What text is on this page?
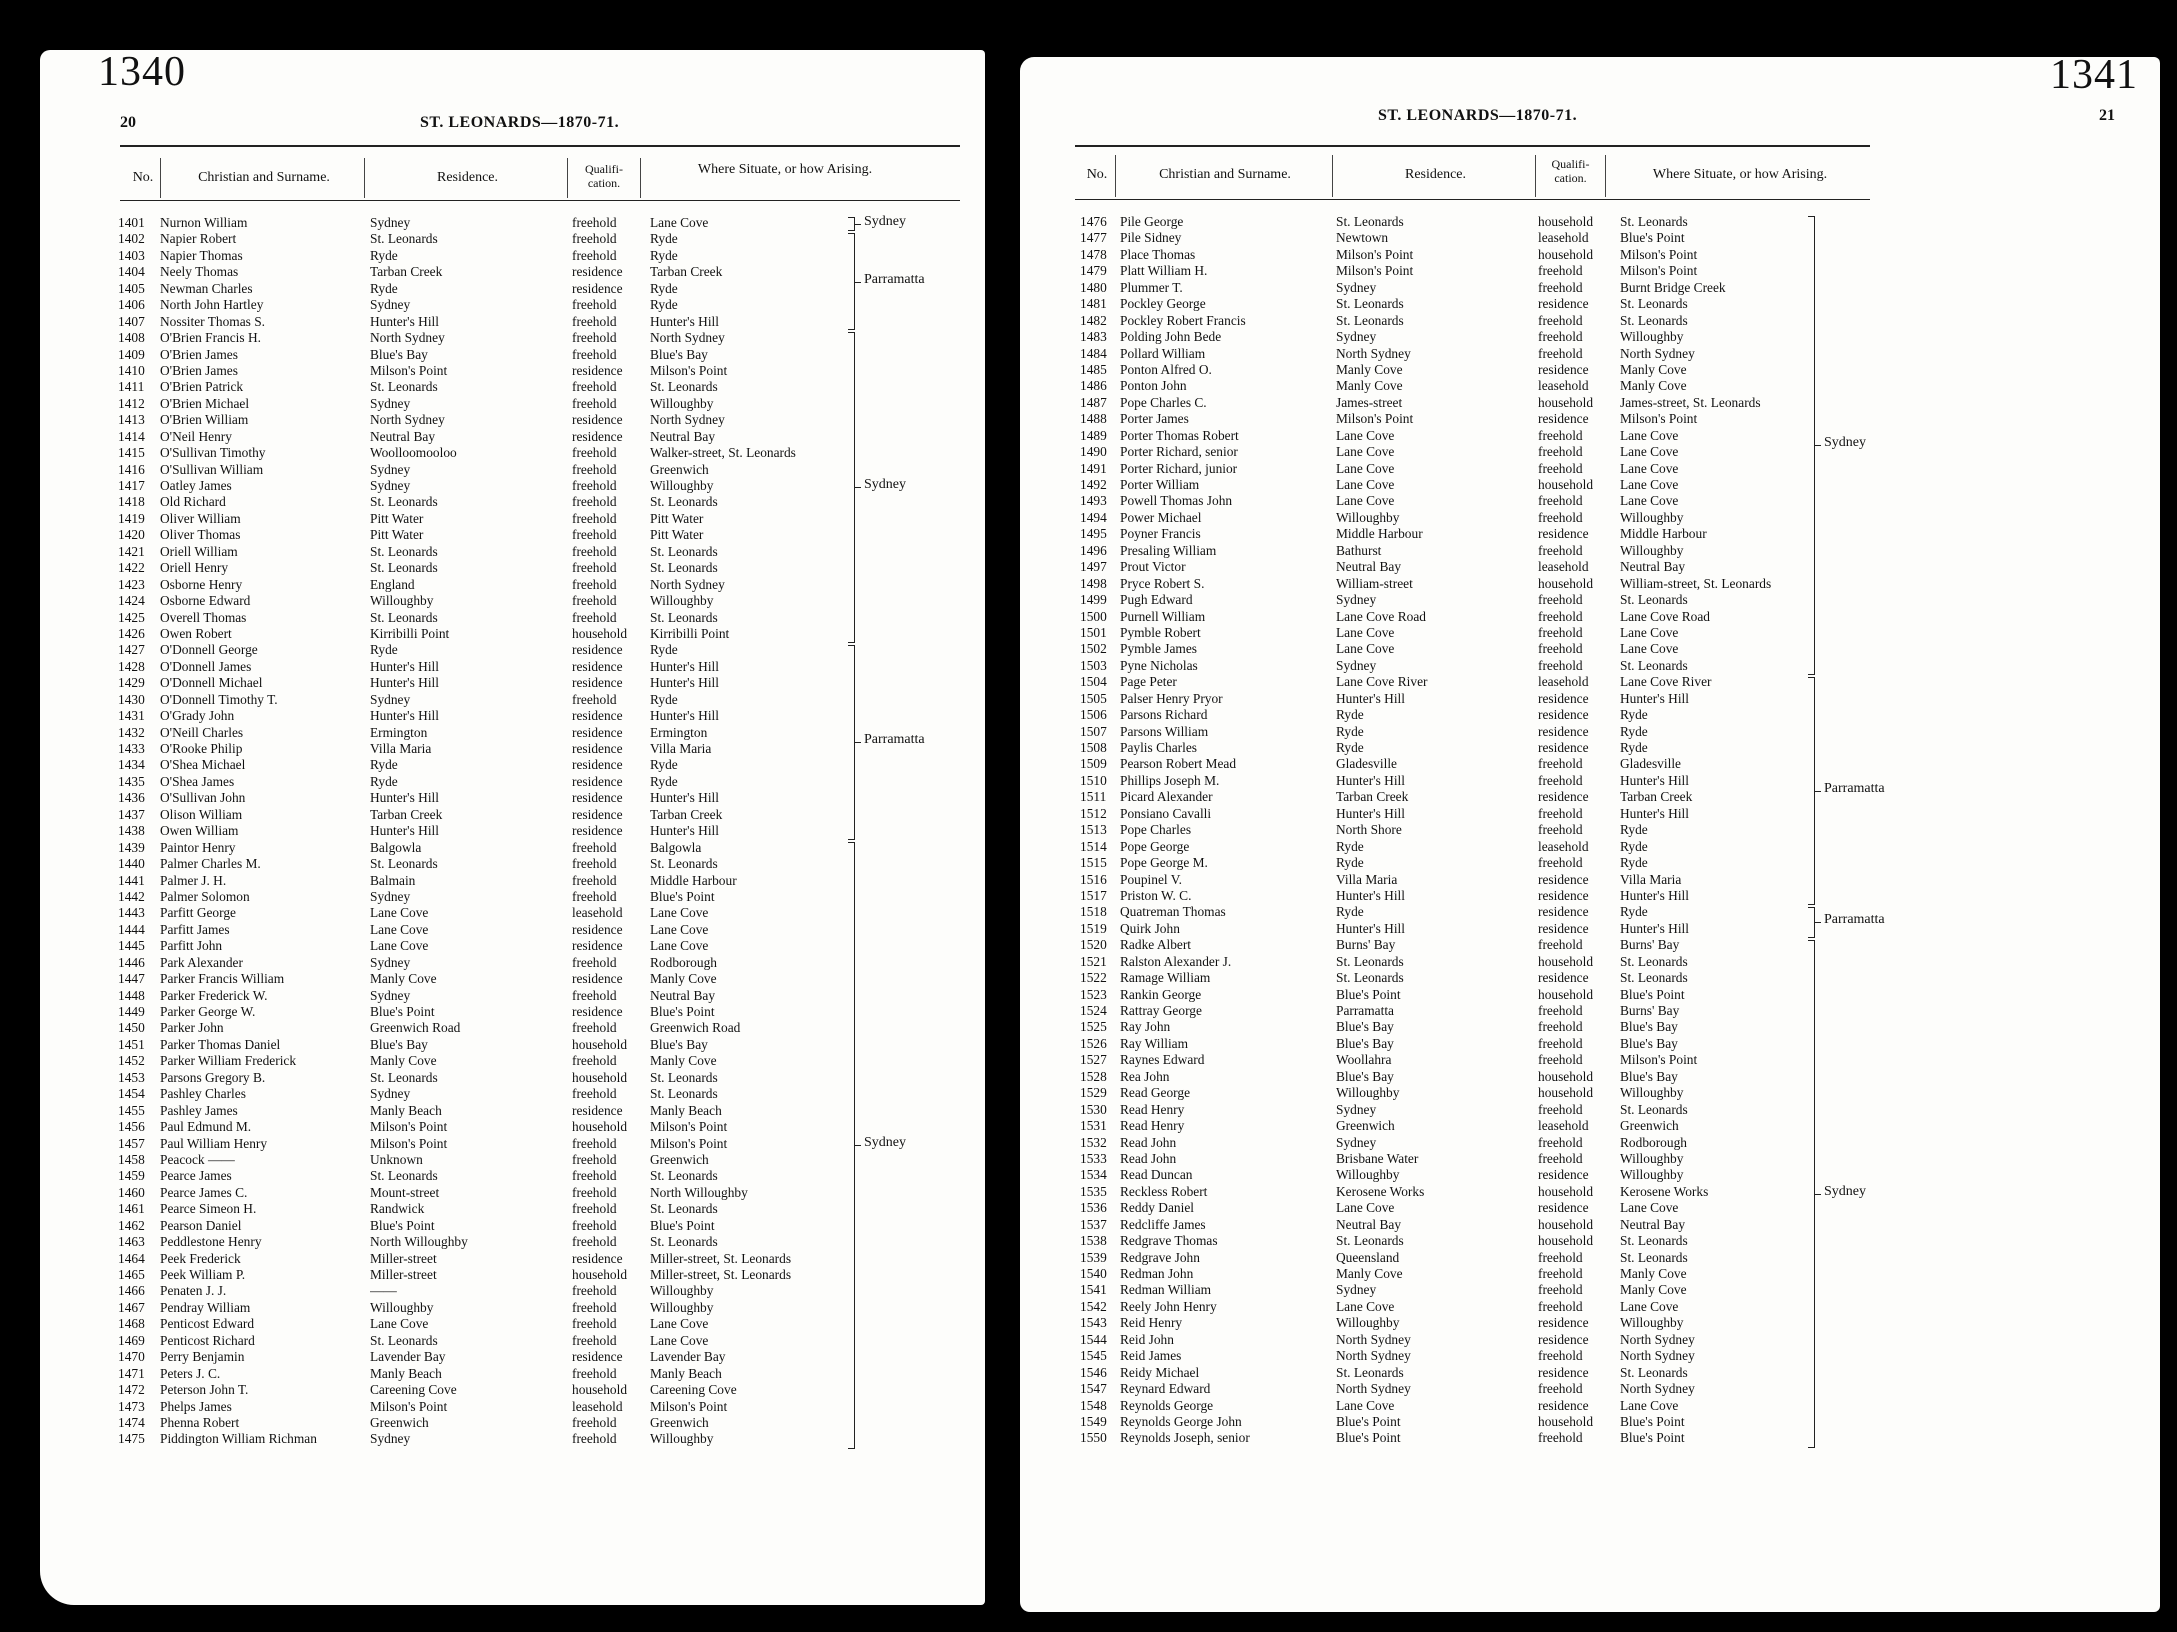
1340
20	ST. LEONARDS—1870-71.
No.	Christian and Surname.	Residence.
Qualifi-
cation.
Where Situate, or how Arising.
1401	Nurnon William	Sydney	freehold	Lane Cove
1402	Napier Robert	St. Leonards	freehold	Ryde
1403	Napier Thomas	Ryde	freehold	Ryde
1404	Neely Thomas	Tarban Creek	residence	Tarban Creek
1405	Newman Charles	Ryde	residence	Ryde
1406	North John Hartley	Sydney	freehold	Ryde
1407	Nossiter Thomas S.	Hunter's Hill	freehold	Hunter's Hill
1408	O'Brien Francis H.	North Sydney	freehold	North Sydney
1409	O'Brien James	Blue's Bay	freehold	Blue's Bay
1410	O'Brien James	Milson's Point	residence	Milson's Point
1411	O'Brien Patrick	St. Leonards	freehold	St. Leonards
1412	O'Brien Michael	Sydney	freehold	Willoughby
1413	O'Brien William	North Sydney	residence	North Sydney
1414	O'Neil Henry	Neutral Bay	residence	Neutral Bay
1415	O'Sullivan Timothy	Woolloomooloo	freehold	Walker-street, St. Leonards
1416	O'Sullivan William	Sydney	freehold	Greenwich
1417	Oatley James	Sydney	freehold	Willoughby
1418	Old Richard	St. Leonards	freehold	St. Leonards
1419	Oliver William	Pitt Water	freehold	Pitt Water
1420	Oliver Thomas	Pitt Water	freehold	Pitt Water
1421	Oriell William	St. Leonards	freehold	St. Leonards
1422	Oriell Henry	St. Leonards	freehold	St. Leonards
1423	Osborne Henry	England	freehold	North Sydney
1424	Osborne Edward	Willoughby	freehold	Willoughby
1425	Overell Thomas	St. Leonards	freehold	St. Leonards
1426	Owen Robert	Kirribilli Point	household	Kirribilli Point
1427	O'Donnell George	Ryde	residence	Ryde
1428	O'Donnell James	Hunter's Hill	residence	Hunter's Hill
1429	O'Donnell Michael	Hunter's Hill	residence	Hunter's Hill
1430	O'Donnell Timothy T.	Sydney	freehold	Ryde
1431	O'Grady John	Hunter's Hill	residence	Hunter's Hill
1432	O'Neill Charles	Ermington	residence	Ermington
1433	O'Rooke Philip	Villa Maria	residence	Villa Maria
1434	O'Shea Michael	Ryde	residence	Ryde
1435	O'Shea James	Ryde	residence	Ryde
1436	O'Sullivan John	Hunter's Hill	residence	Hunter's Hill
1437	Olison William	Tarban Creek	residence	Tarban Creek
1438	Owen William	Hunter's Hill	residence	Hunter's Hill
1439	Paintor Henry	Balgowla	freehold	Balgowla
1440	Palmer Charles M.	St. Leonards	freehold	St. Leonards
1441	Palmer J. H.	Balmain	freehold	Middle Harbour
1442	Palmer Solomon	Sydney	freehold	Blue's Point
1443	Parfitt George	Lane Cove	leasehold	Lane Cove
1444	Parfitt James	Lane Cove	residence	Lane Cove
1445	Parfitt John	Lane Cove	residence	Lane Cove
1446	Park Alexander	Sydney	freehold	Rodborough
1447	Parker Francis William	Manly Cove	residence	Manly Cove
1448	Parker Frederick W.	Sydney	freehold	Neutral Bay
1449	Parker George W.	Blue's Point	residence	Blue's Point
1450	Parker John	Greenwich Road	freehold	Greenwich Road
1451	Parker Thomas Daniel	Blue's Bay	household	Blue's Bay
1452	Parker William Frederick	Manly Cove	freehold	Manly Cove
1453	Parsons Gregory B.	St. Leonards	household	St. Leonards
1454	Pashley Charles	Sydney	freehold	St. Leonards
1455	Pashley James	Manly Beach	residence	Manly Beach
1456	Paul Edmund M.	Milson's Point	household	Milson's Point
1457	Paul William Henry	Milson's Point	freehold	Milson's Point
1458	Peacock ——	Unknown	freehold	Greenwich
1459	Pearce James	St. Leonards	freehold	St. Leonards
1460	Pearce James C.	Mount-street	freehold	North Willoughby
1461	Pearce Simeon H.	Randwick	freehold	St. Leonards
1462	Pearson Daniel	Blue's Point	freehold	Blue's Point
1463	Peddlestone Henry	North Willoughby	freehold	St. Leonards
1464	Peek Frederick	Miller-street	residence	Miller-street, St. Leonards
1465	Peek William P.	Miller-street	household	Miller-street, St. Leonards
1466	Penaten J. J.	——	freehold	Willoughby
1467	Pendray William	Willoughby	freehold	Willoughby
1468	Penticost Edward	Lane Cove	freehold	Lane Cove
1469	Penticost Richard	St. Leonards	freehold	Lane Cove
1470	Perry Benjamin	Lavender Bay	residence	Lavender Bay
1471	Peters J. C.	Manly Beach	freehold	Manly Beach
1472	Peterson John T.	Careening Cove	household	Careening Cove
1473	Phelps James	Milson's Point	leasehold	Milson's Point
1474	Phenna Robert	Greenwich	freehold	Greenwich
1475	Piddington William Richman	Sydney	freehold	Willoughby
Sydney
Parramatta
Sydney
Parramatta
Sydney
1341
21
ST. LEONARDS—1870-71.
No.	Christian and Surname.	Residence.
Qualifi-
cation.	Where Situate, or how Arising.
1476 Pile George	St. Leonards	household	St. Leonards
1477 Pile Sidney	Newtown	leasehold	Blue's Point
1478 Place Thomas	Milson's Point	household	Milson's Point
1479 Platt William H.	Milson's Point	freehold	Milson's Point
1480 Plummer T.	Sydney	freehold	Burnt Bridge Creek
1481 Pockley George	St. Leonards	residence	St. Leonards
1482 Pockley Robert Francis	St. Leonards	freehold	St. Leonards
1483 Polding John Bede	Sydney	freehold	Willoughby
1484 Pollard William	North Sydney	freehold	North Sydney
1485 Ponton Alfred O.	Manly Cove	residence	Manly Cove
1486 Ponton John	Manly Cove	leasehold	Manly Cove
1487 Pope Charles C.	James-street	household	James-street, St. Leonards
1488 Porter James	Milson's Point	residence	Milson's Point
1489 Porter Thomas Robert	Lane Cove	freehold	Lane Cove
1490 Porter Richard, senior	Lane Cove	freehold	Lane Cove
1491 Porter Richard, junior	Lane Cove	freehold	Lane Cove
1492 Porter William	Lane Cove	household	Lane Cove
1493 Powell Thomas John	Lane Cove	freehold	Lane Cove
1494 Power Michael	Willoughby	freehold	Willoughby
1495 Poyner Francis	Middle Harbour	residence	Middle Harbour
1496 Presaling William	Bathurst	freehold	Willoughby
1497 Prout Victor	Neutral Bay	leasehold	Neutral Bay
1498 Pryce Robert S.	William-street	household	William-street, St. Leonards
1499 Pugh Edward	Sydney	freehold	St. Leonards
1500 Purnell William	Lane Cove Road	freehold	Lane Cove Road
1501 Pymble Robert	Lane Cove	freehold	Lane Cove
1502 Pymble James	Lane Cove	freehold	Lane Cove
1503 Pyne Nicholas	Sydney	freehold	St. Leonards
1504 Page Peter	Lane Cove River	leasehold	Lane Cove River
1505 Palser Henry Pryor	Hunter's Hill	residence	Hunter's Hill
1506 Parsons Richard	Ryde	residence	Ryde
1507 Parsons William	Ryde	residence	Ryde
1508 Paylis Charles	Ryde	residence	Ryde
1509 Pearson Robert Mead	Gladesville	freehold	Gladesville
1510 Phillips Joseph M.	Hunter's Hill	freehold	Hunter's Hill
1511	Picard Alexander	Tarban Creek	residence	Tarban Creek
1512 Ponsiano Cavalli	Hunter's Hill	freehold	Hunter's Hill
1513 Pope Charles	North Shore	freehold	Ryde
1514 Pope George	Ryde	leasehold	Ryde
1515 Pope George M.	Ryde	freehold	Ryde
1516 Poupinel V.	Villa Maria	residence	Villa Maria
1517 Priston W. C.	Hunter's Hill	residence	Hunter's Hill
1518 Quatreman Thomas	Ryde	residence	Ryde
1519 Quirk John	Hunter's Hill	residence	Hunter's Hill
1520 Radke Albert	Burns' Bay	freehold	Burns' Bay
1521 Ralston Alexander J.	St. Leonards	household	St. Leonards
1522 Ramage William	St. Leonards	residence	St. Leonards
1523 Rankin George	Blue's Point	household	Blue's Point
1524 Rattray George	Parramatta	freehold	Burns' Bay
1525 Ray John	Blue's Bay	freehold	Blue's Bay
1526 Ray William	Blue's Bay	freehold	Blue's Bay
1527 Raynes Edward	Woollahra	freehold	Milson's Point
1528 Rea John	Blue's Bay	household	Blue's Bay
1529 Read George	Willoughby	household	Willoughby
1530 Read Henry	Sydney	freehold	St. Leonards
1531 Read Henry	Greenwich	leasehold	Greenwich
1532 Read John	Sydney	freehold	Rodborough
1533 Read John	Brisbane Water	freehold	Willoughby
1534 Read Duncan	Willoughby	residence	Willoughby
1535 Reckless Robert	Kerosene Works	household	Kerosene Works
1536 Reddy Daniel	Lane Cove	residence	Lane Cove
1537 Redcliffe James	Neutral Bay	household	Neutral Bay
1538 Redgrave Thomas	St. Leonards	household	St. Leonards
1539 Redgrave John	Queensland	freehold	St. Leonards
1540 Redman John	Manly Cove	freehold	Manly Cove
1541 Redman William	Sydney	freehold	Manly Cove
1542 Reely John Henry	Lane Cove	freehold	Lane Cove
1543 Reid Henry	Willoughby	residence	Willoughby
1544 Reid John	North Sydney	residence	North Sydney
1545 Reid James	North Sydney	freehold	North Sydney
1546 Reidy Michael	St. Leonards	residence	St. Leonards
1547 Reynard Edward	North Sydney	freehold	North Sydney
1548 Reynolds George	Lane Cove	residence	Lane Cove
1549 Reynolds George John	Blue's Point	household	Blue's Point
1550 Reynolds Joseph, senior	Blue's Point	freehold	Blue's Point
Sydney
Parramatta
Parramatta
Sydney
